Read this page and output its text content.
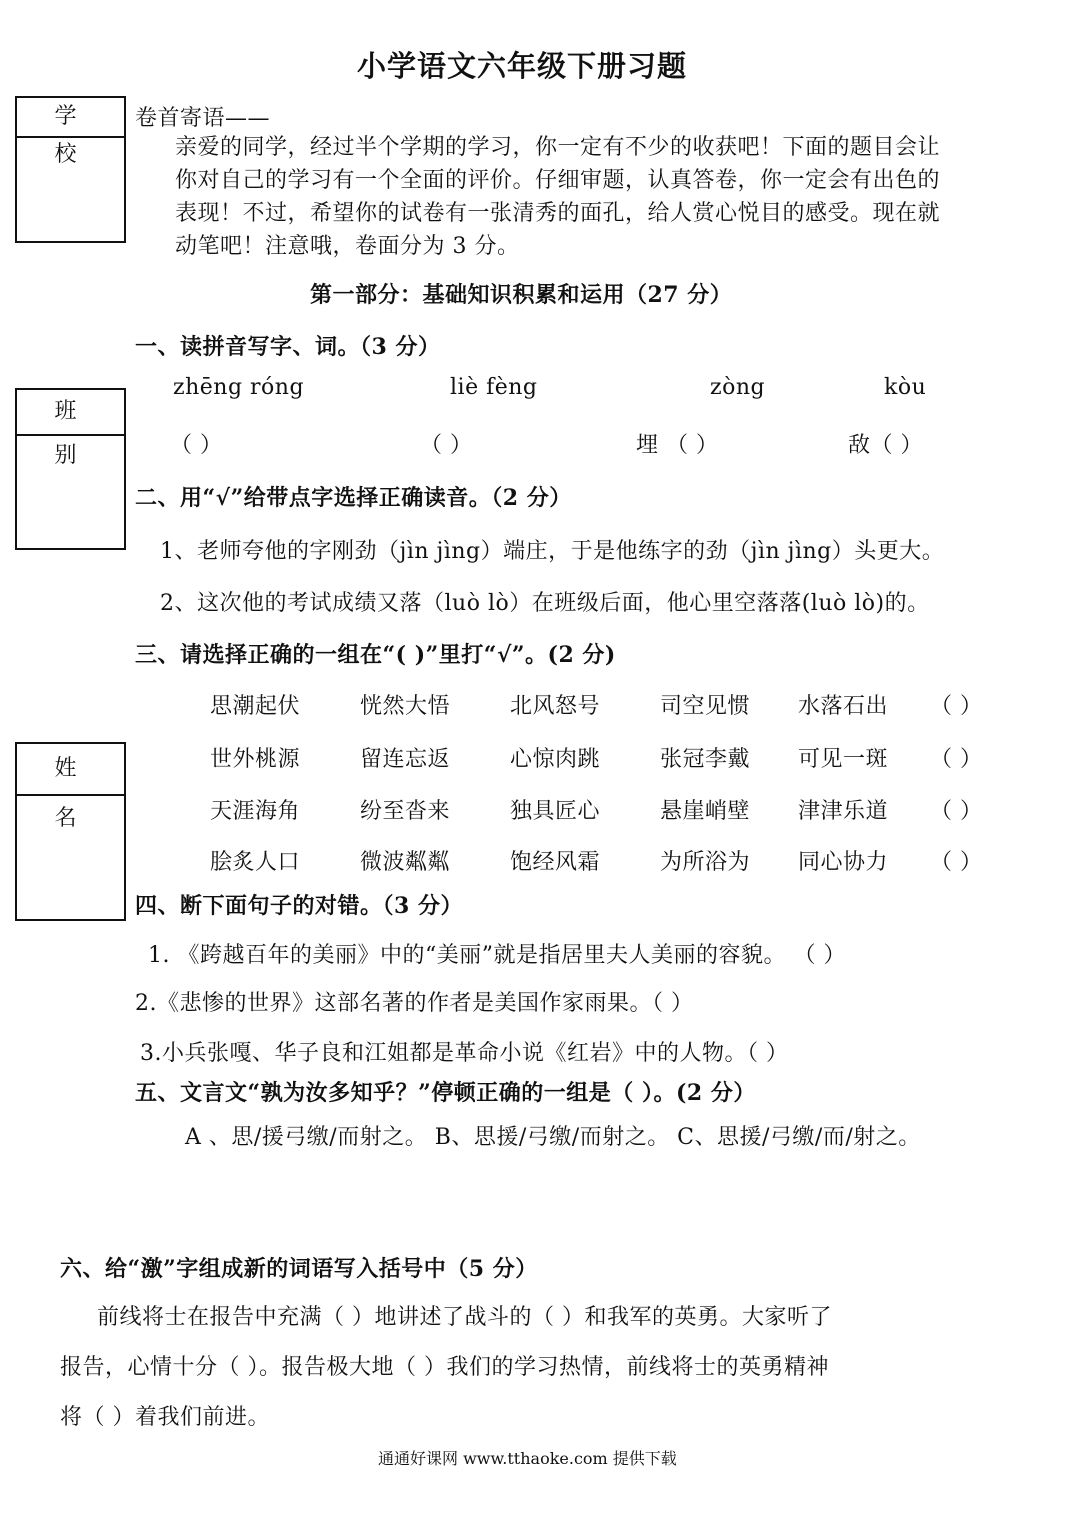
小学语文六年级下册习题
学 校
班 别
姓 名
卷首寄语——
亲爱的同学，经过半个学期的学习，你一定有不少的收获吧！下面的题目会让
你对自己的学习有一个全面的评价。仔细审题，认真答卷，你一定会有出色的
表现！不过，希望你的试卷有一张清秀的面孔，给人赏心悦目的感受。现在就
动笔吧！注意哦，卷面分为 3 分。
第一部分：基础知识积累和运用（27 分）
一、读拼音写字、词。（3 分）
zhēng róng	liè fèng	zòng	kòu
（ ）	（ ）	埋 （ ）	敌（ ）
二、用“√”给带点字选择正确读音。（2 分）
1、老师夸他的字刚劲（jìn jìng）端庄，于是他练字的劲（jìn jìng）头更大。
2、这次他的考试成绩又落（luò lò）在班级后面，他心里空落落(luò lò)的。
三、请选择正确的一组在“( )”里打“√”。(2 分)
思潮起伏	恍然大悟	北风怒号	司空见惯 水落石出 （ ）
世外桃源	留连忘返	心惊肉跳	张冠李戴 可见一斑 （ ）
天涯海角	纷至沓来	独具匠心	悬崖峭壁 津津乐道 （ ）
脍炙人口	微波粼粼	饱经风霜	为所浴为 同心协力 （ ）
四、断下面句子的对错。（3 分）
1. 《跨越百年的美丽》中的“美丽”就是指居里夫人美丽的容貌。 （ ）
2.《悲惨的世界》这部名著的作者是美国作家雨果。（ ）
3.小兵张嘎、华子良和江姐都是革命小说《红岩》中的人物。（ ）
五、文言文“孰为汝多知乎？”停顿正确的一组是（ ）。(2 分）
A 、思/援弓缴/而射之。 B、思援/弓缴/而射之。 C、思援/弓缴/而/射之。
六、给“激”字组成新的词语写入括号中（5 分）
前线将士在报告中充满（ ）地讲述了战斗的（ ）和我军的英勇。大家听了
报告，心情十分（ ）。报告极大地（ ）我们的学习热情，前线将士的英勇精神
将（ ）着我们前进。
通通好课网 www.tthaoke.com 提供下载
